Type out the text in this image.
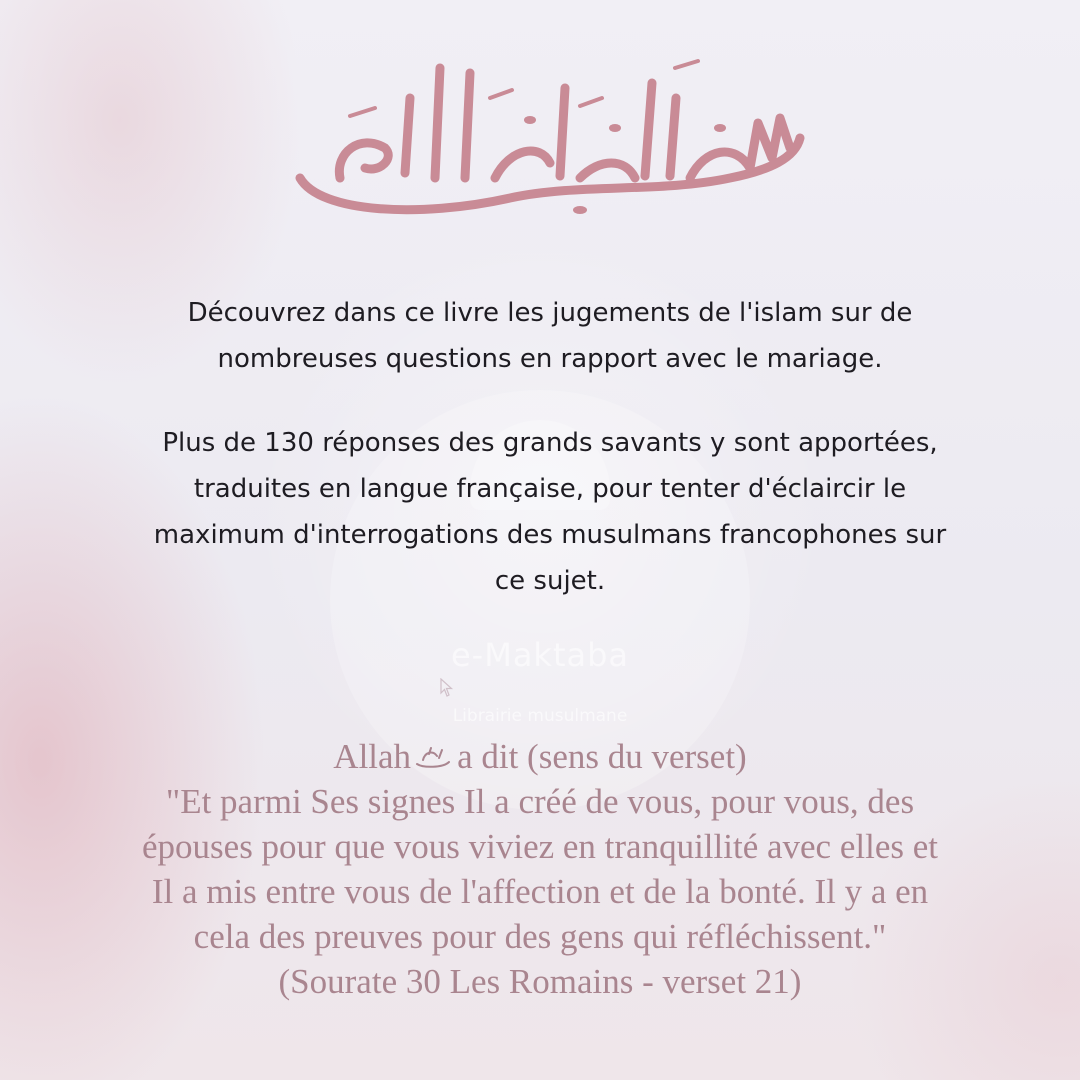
Découvrez dans ce livre les jugements de l'islam sur de nombreuses questions en rapport avec le mariage.

Plus de 130 réponses des grands savants y sont apportées, traduites en langue française, pour tenter d'éclaircir le maximum d'interrogations des musulmans francophones sur ce sujet.

e-Maktaba
Librairie musulmane
Allah a dit (sens du verset)
"Et parmi Ses signes Il a créé de vous, pour vous, des épouses pour que vous viviez en tranquillité avec elles et Il a mis entre vous de l'affection et de la bonté. Il y a en cela des preuves pour des gens qui réfléchissent."
(Sourate 30 Les Romains - verset 21)
